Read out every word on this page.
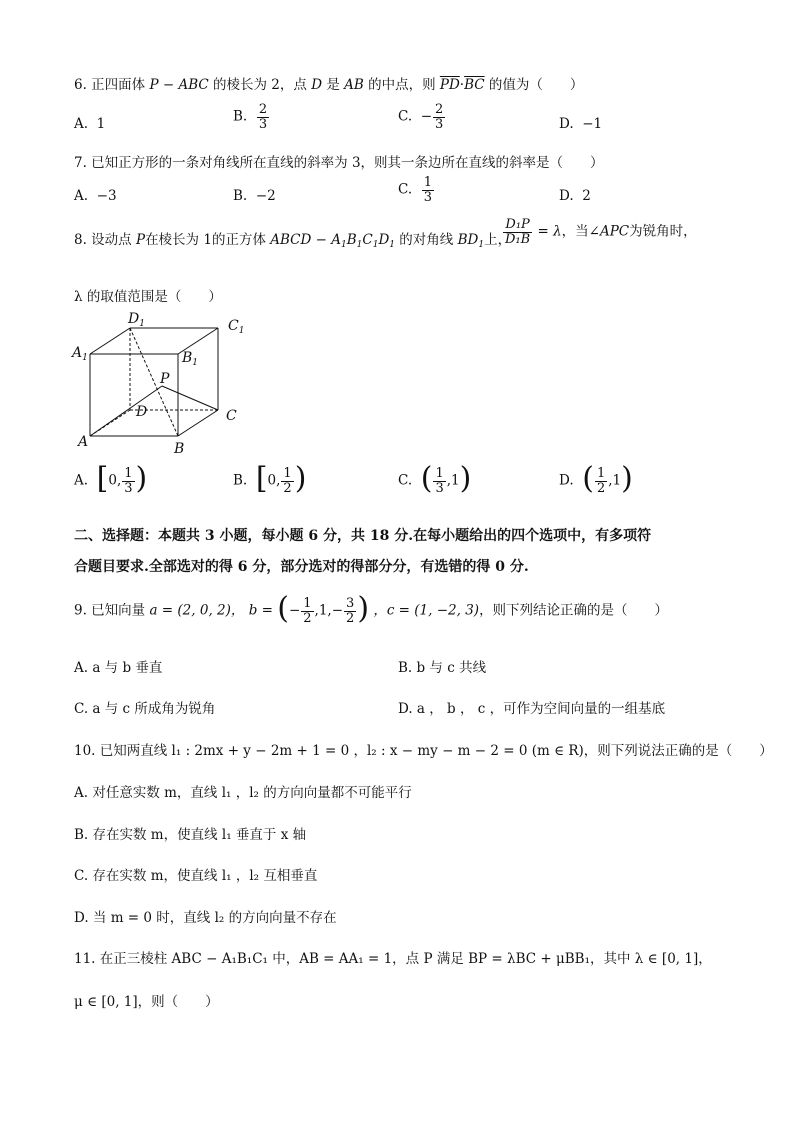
6. 正四面体 P − ABC 的棱长为 2，点 D 是 AB 的中点，则 $\overline{PD}\cdot\overline{BC}$ 的值为（　　）
A. 1	B. $\frac{2}{3}$	C. − $\frac{2}{3}$	D. −1
7. 已知正方形的一条对角线所在直线的斜率为 3，则其一条边所在直线的斜率是（　　）
A. −3	B. −2	C. $\frac{1}{3}$	D. 2
8. 设动点 P在棱长为 1的正方体 ABCD − $A_1B_1C_1D_1$ 的对角线 $BD_1$上，
$\frac{\text{D₁P}}{\text{D₁B}} = \lambda$，当∠APC为锐角时，
λ 的取值范围是（　　）
$D_1$	$C_1$
$A_1$	$B_1$
P
D	C
A	B
A. [0, $\frac{1}{3}$ )	B. [0, $\frac{1}{2}$ )	C. ( $\frac{1}{3} ,1$)	D. ( $\frac{1}{2} ,1$)
二、选择题：本题共 3 小题，每小题 6 分，共 18 分.在每小题给出的四个选项中，有多项符
合题目要求.全部选对的得 6 分，部分选对的得部分分，有选错的得 0 分.
9. 已知向量 a = (2, 0, 2)， b = (− $\frac{1}{2} ,1,- \frac{3}{2}$ ) ，c = (1, −2, 3)，则下列结论正确的是（　　）
A. a 与 b 垂直	B. b 与 c 共线
C. a 与 c 所成角为锐角	D. a ， b ， c ，可作为空间向量的一组基底
10. 已知两直线 l₁ : 2mx + y − 2m + 1 = 0 ，l₂ : x − my − m − 2 = 0 (m ∈ R)，则下列说法正确的是（　　）
A. 对任意实数 m，直线 l₁ ，l₂ 的方向向量都不可能平行
B. 存在实数 m，使直线 l₁ 垂直于 x 轴
C. 存在实数 m，使直线 l₁ ，l₂ 互相垂直
D. 当 m = 0 时，直线 l₂ 的方向向量不存在
11. 在正三棱柱 ABC − A₁B₁C₁ 中，AB = AA₁ = 1，点 P 满足 BP = λBC + μBB₁，其中 λ ∈ [0, 1]，
μ ∈ [0, 1]，则（　　）
